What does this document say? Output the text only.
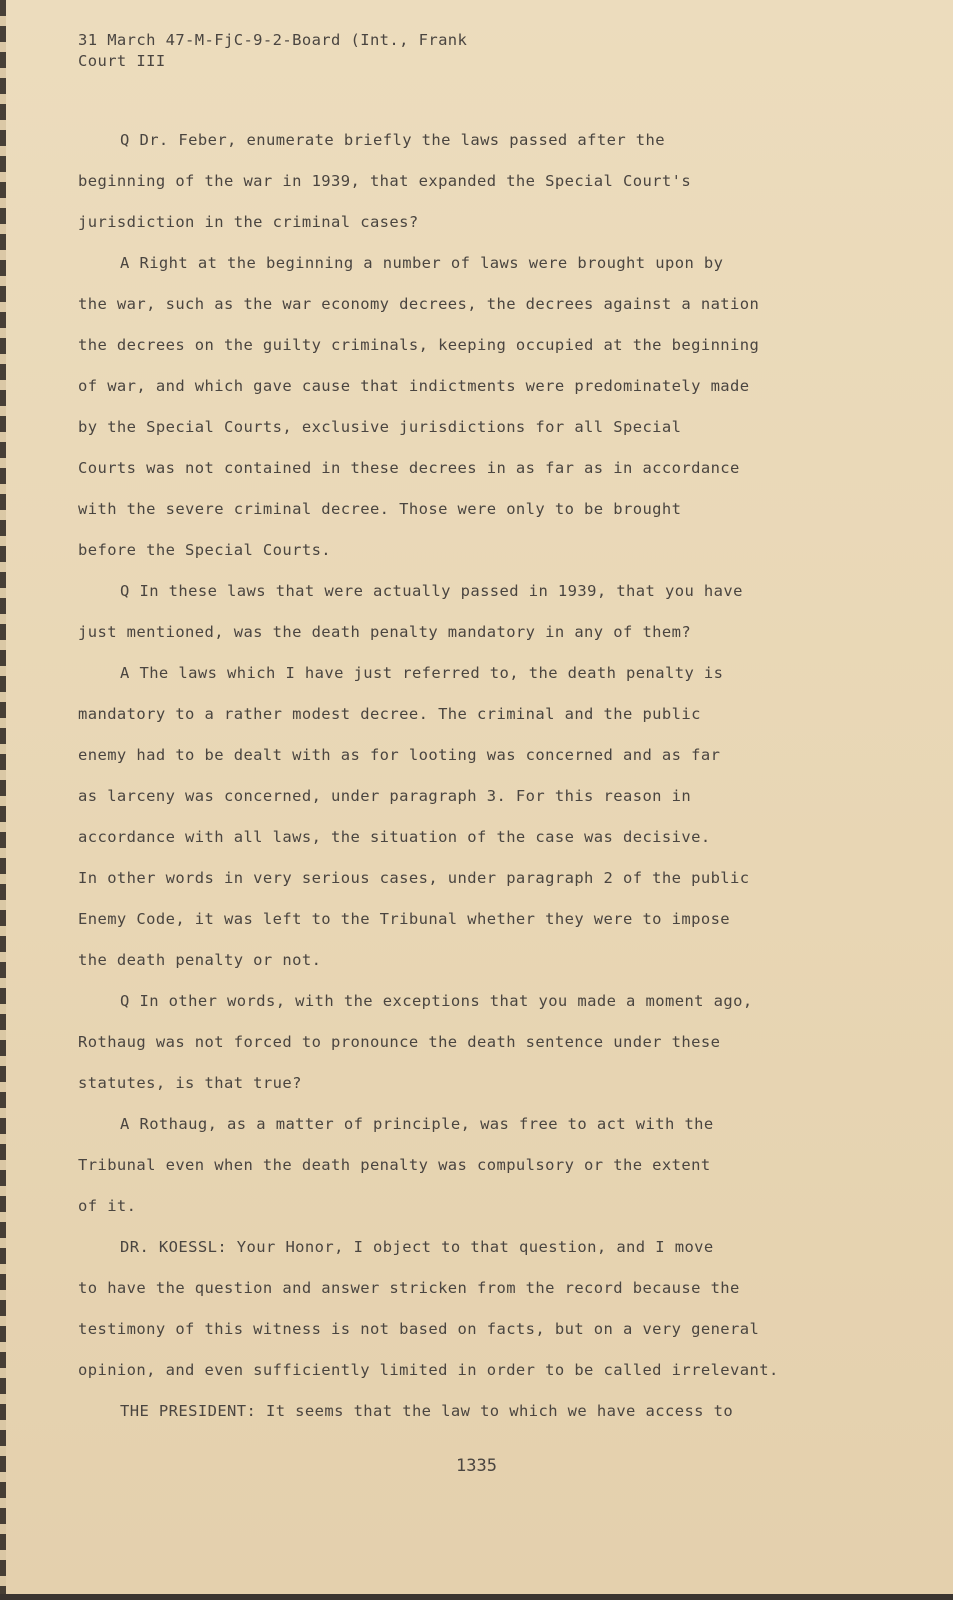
31 March 47-M-FjC-9-2-Board (Int., Frank
Court III
Q Dr. Feber, enumerate briefly the laws passed after the
beginning of the war in 1939, that expanded the Special Court's
jurisdiction in the criminal cases?
A Right at the beginning a number of laws were brought upon by
the war, such as the war economy decrees, the decrees against a nation
the decrees on the guilty criminals, keeping occupied at the beginning
of war, and which gave cause that indictments were predominately made
by the Special Courts, exclusive jurisdictions for all Special
Courts was not contained in these decrees in as far as in accordance
with the severe criminal decree. Those were only to be brought
before the Special Courts.
Q In these laws that were actually passed in 1939, that you have
just mentioned, was the death penalty mandatory in any of them?
A The laws which I have just referred to, the death penalty is
mandatory to a rather modest decree. The criminal and the public
enemy had to be dealt with as for looting was concerned and as far
as larceny was concerned, under paragraph 3. For this reason in
accordance with all laws, the situation of the case was decisive.
In other words in very serious cases, under paragraph 2 of the public
Enemy Code, it was left to the Tribunal whether they were to impose
the death penalty or not.
Q In other words, with the exceptions that you made a moment ago,
Rothaug was not forced to pronounce the death sentence under these
statutes, is that true?
A Rothaug, as a matter of principle, was free to act with the
Tribunal even when the death penalty was compulsory or the extent
of it.
DR. KOESSL: Your Honor, I object to that question, and I move
to have the question and answer stricken from the record because the
testimony of this witness is not based on facts, but on a very general
opinion, and even sufficiently limited in order to be called irrelevant.
THE PRESIDENT: It seems that the law to which we have access to
1335
